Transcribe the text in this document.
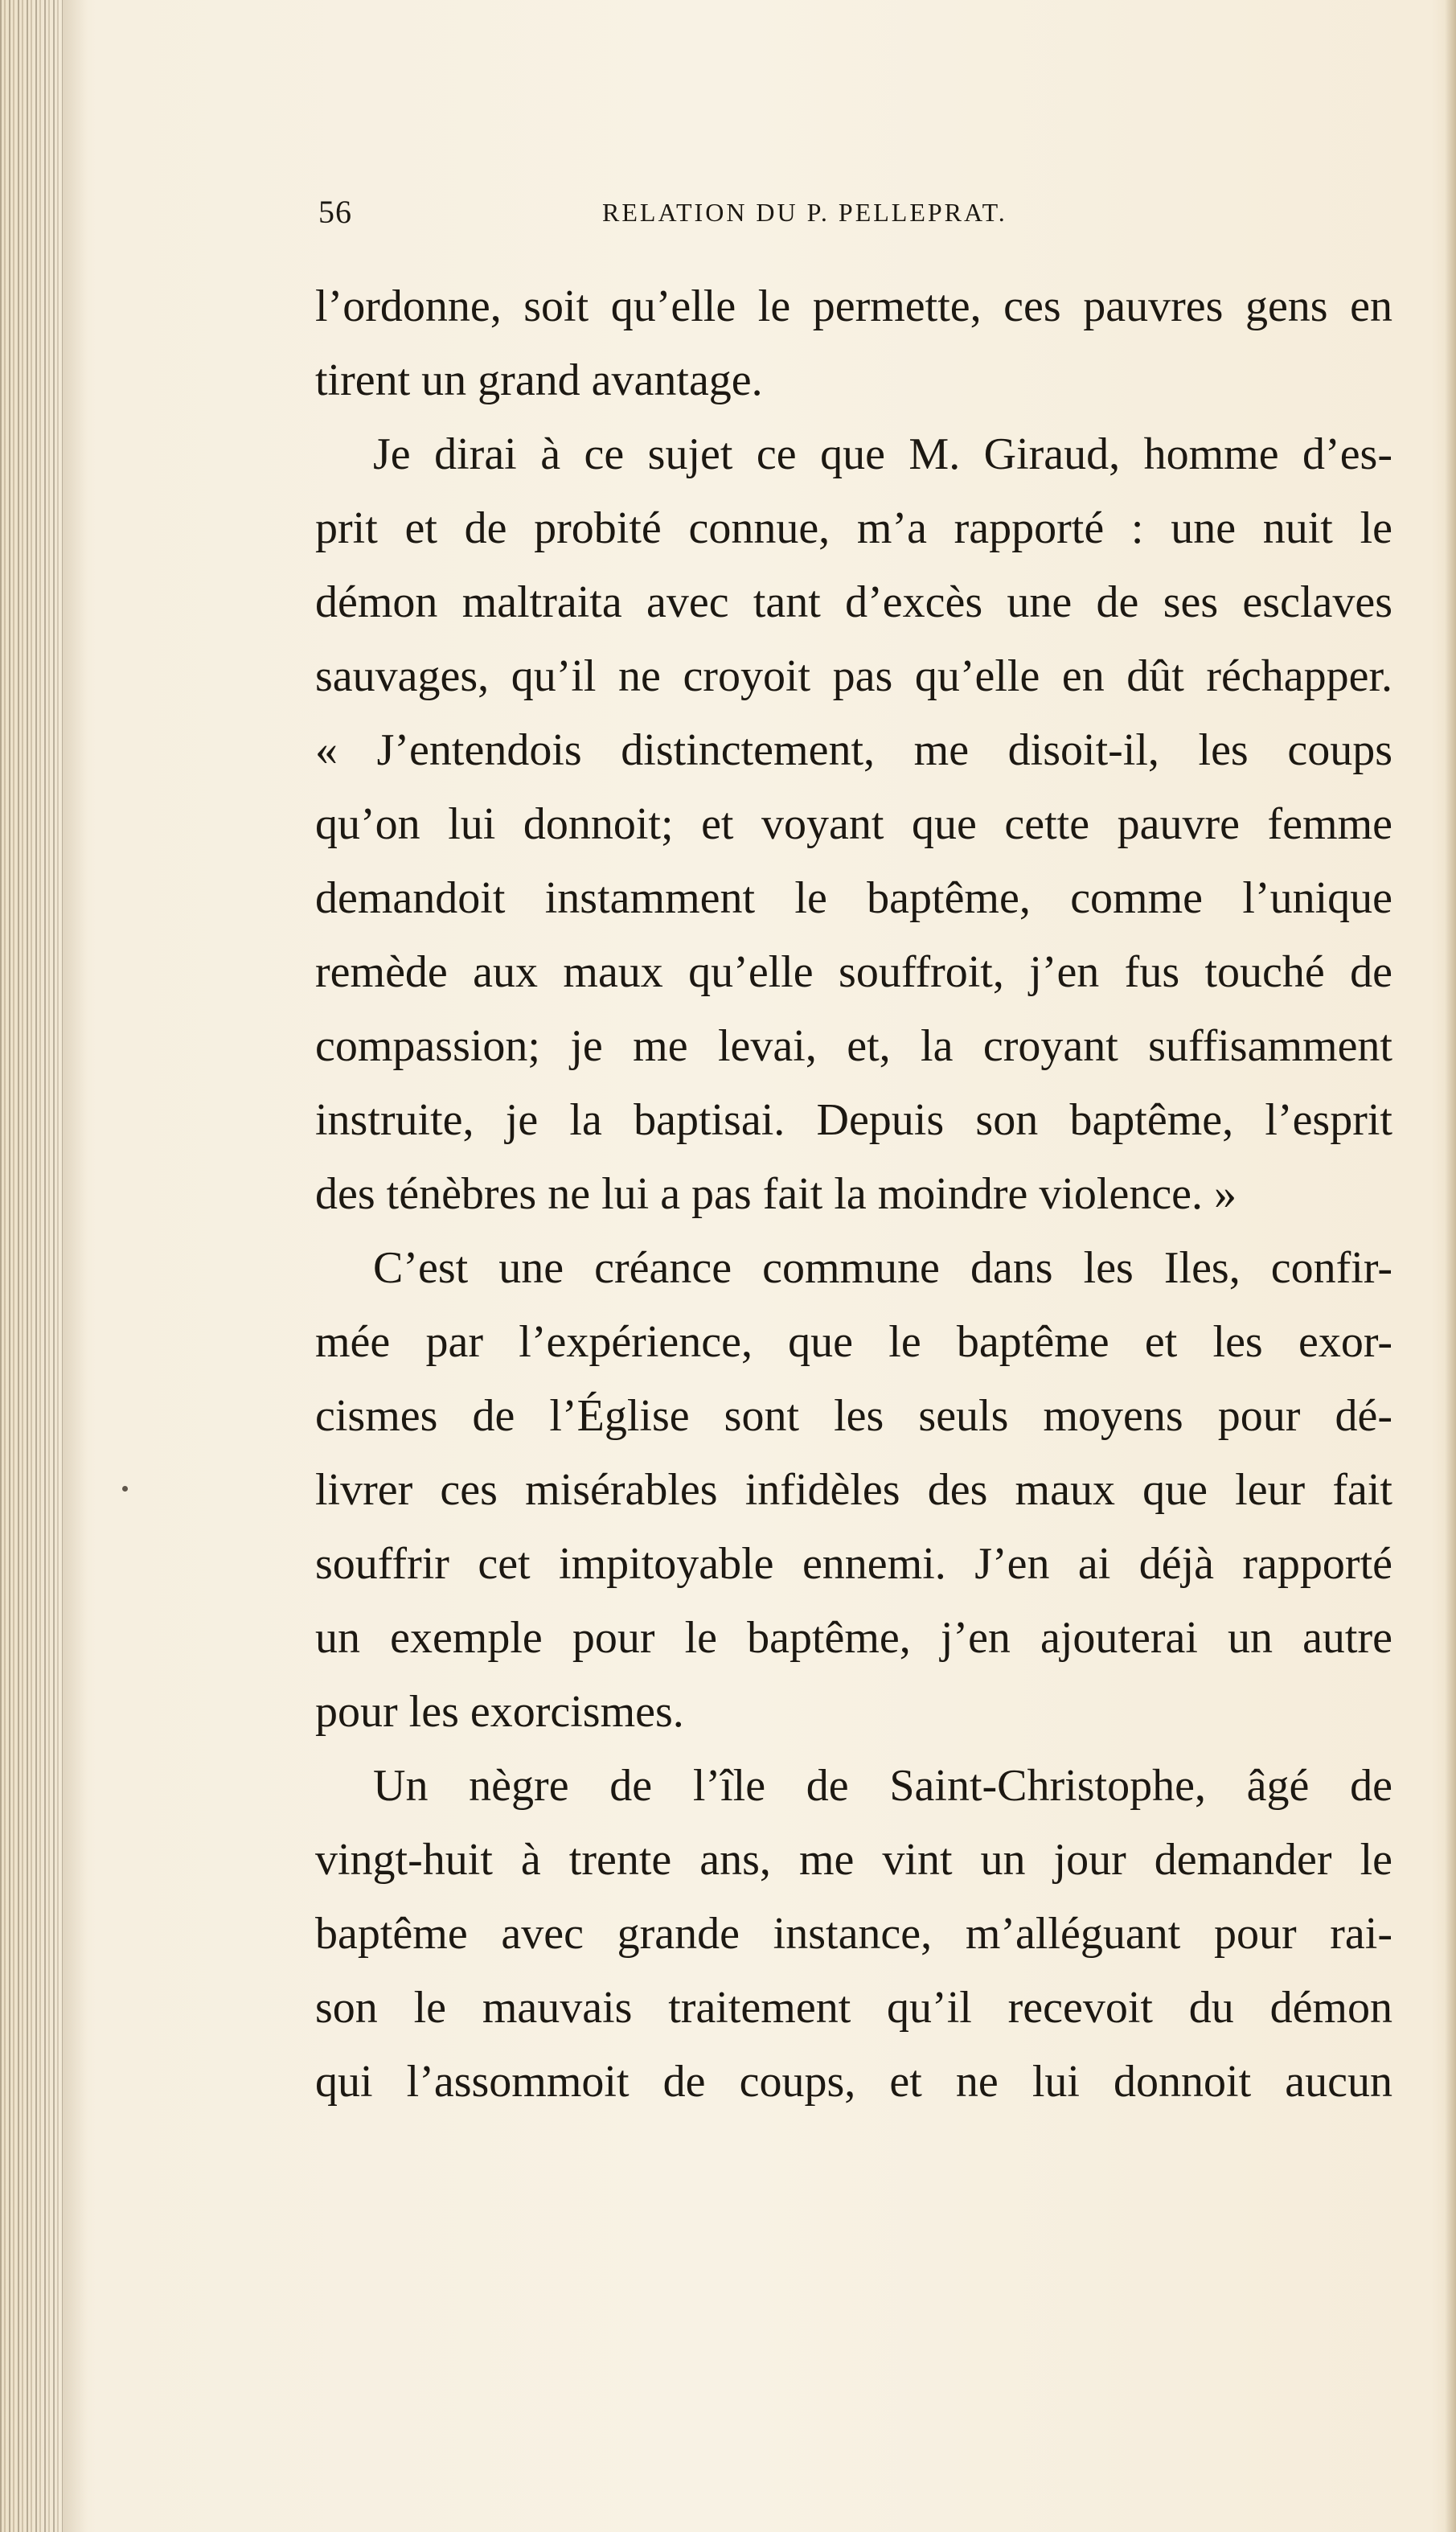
56	RELATION DU P. PELLEPRAT.
l’ordonne, soit qu’elle le permette, ces pauvres gens en
tirent un grand avantage.
Je dirai à ce sujet ce que M. Giraud, homme d’es-
prit et de probité connue, m’a rapporté : une nuit le
démon maltraita avec tant d’excès une de ses esclaves
sauvages, qu’il ne croyoit pas qu’elle en dût réchapper.
« J’entendois distinctement, me disoit-il, les coups
qu’on lui donnoit; et voyant que cette pauvre femme
demandoit instamment le baptême, comme l’unique
remède aux maux qu’elle souffroit, j’en fus touché de
compassion; je me levai, et, la croyant suffisamment
instruite, je la baptisai. Depuis son baptême, l’esprit
des ténèbres ne lui a pas fait la moindre violence. »
C’est une créance commune dans les Iles, confir-
mée par l’expérience, que le baptême et les exor-
cismes de l’Église sont les seuls moyens pour dé-
livrer ces misérables infidèles des maux que leur fait
souffrir cet impitoyable ennemi. J’en ai déjà rapporté
un exemple pour le baptême, j’en ajouterai un autre
pour les exorcismes.
Un nègre de l’île de Saint-Christophe, âgé de
vingt-huit à trente ans, me vint un jour demander le
baptême avec grande instance, m’alléguant pour rai-
son le mauvais traitement qu’il recevoit du démon
qui l’assommoit de coups, et ne lui donnoit aucun
